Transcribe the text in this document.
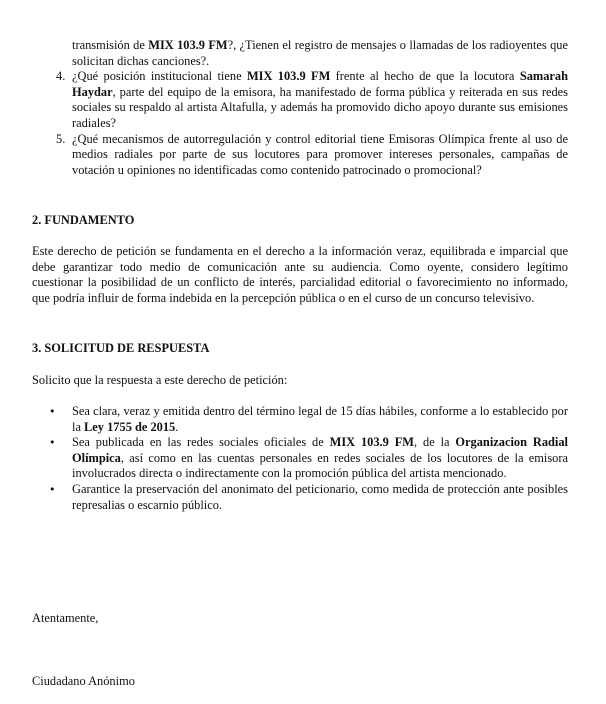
transmisión de MIX 103.9 FM?, ¿Tienen el registro de mensajes o llamadas de los radioyentes que solicitan dichas canciones?.
4. ¿Qué posición institucional tiene MIX 103.9 FM frente al hecho de que la locutora Samarah Haydar, parte del equipo de la emisora, ha manifestado de forma pública y reiterada en sus redes sociales su respaldo al artista Altafulla, y además ha promovido dicho apoyo durante sus emisiones radiales?
5. ¿Qué mecanismos de autorregulación y control editorial tiene Emisoras Olímpica frente al uso de medios radiales por parte de sus locutores para promover intereses personales, campañas de votación u opiniones no identificadas como contenido patrocinado o promocional?
2. FUNDAMENTO

Este derecho de petición se fundamenta en el derecho a la información veraz, equilibrada e imparcial que debe garantizar todo medio de comunicación ante su audiencia. Como oyente, considero legítimo cuestionar la posibilidad de un conflicto de interés, parcialidad editorial o favorecimiento no informado, que podría influir de forma indebida en la percepción pública o en el curso de un concurso televisivo.

3. SOLICITUD DE RESPUESTA

Solicito que la respuesta a este derecho de petición:

• Sea clara, veraz y emitida dentro del término legal de 15 días hábiles, conforme a lo establecido por la Ley 1755 de 2015.
• Sea publicada en las redes sociales oficiales de MIX 103.9 FM, de la Organizacion Radial Olímpica, así como en las cuentas personales en redes sociales de los locutores de la emisora involucrados directa o indirectamente con la promoción pública del artista mencionado.
• Garantice la preservación del anonimato del peticionario, como medida de protección ante posibles represalias o escarnio público.
Atentamente,
Ciudadano Anónimo
